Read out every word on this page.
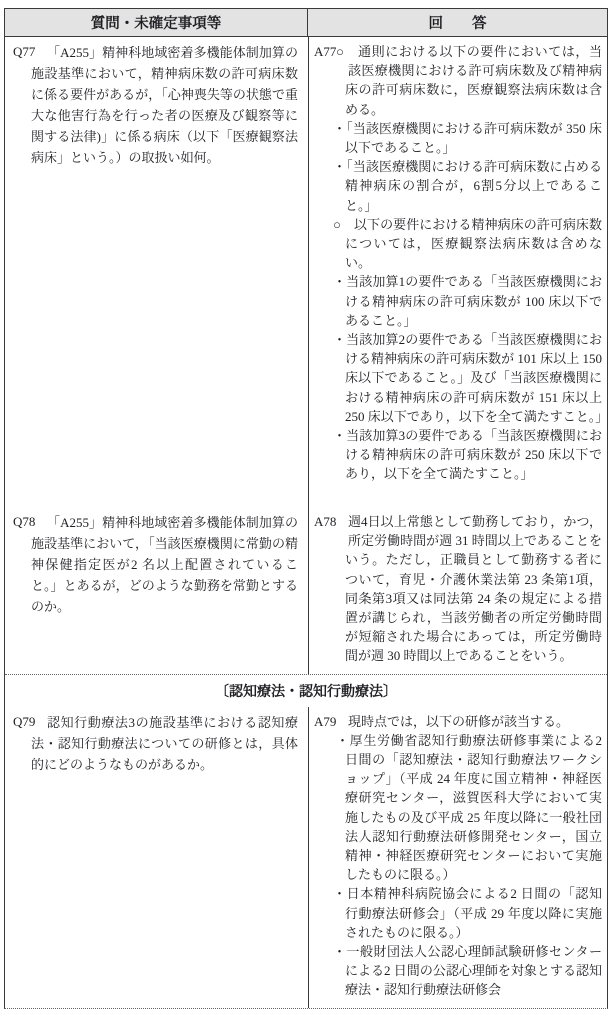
質問・未確定事項等	回　　答
Q77 「A255」精神科地域密着多機能体制加算の施設基準において，精神病床数の許可病床数に係る要件があるが，「心神喪失等の状態で重大な他害行為を行った者の医療及び観察等に関する法律)」に係る病床（以下「医療観察法病床」という。）の取扱い如何。

A77 ○　通則における以下の要件においては，当該医療機関における許可病床数及び精神病床の許可病床数に，医療観察法病床数は含める。

・「当該医療機関における許可病床数が 350 床以下であること。」

・「当該医療機関における許可病床数に占める精神病床の割合が，6割5分以上であること。」

○　以下の要件における精神病床の許可病床数については，医療観察法病床数は含めない。

・当該加算1の要件である「当該医療機関における精神病床の許可病床数が 100 床以下であること。」

・当該加算2の要件である「当該医療機関における精神病床の許可病床数が 101 床以上 150 床以下であること。」及び「当該医療機関における精神病床の許可病床数が 151 床以上 250 床以下であり，以下を全て満たすこと。」

・当該加算3の要件である「当該医療機関における精神病床の許可病床数が 250 床以下であり，以下を全て満たすこと。」

Q78 「A255」精神科地域密着多機能体制加算の施設基準において，「当該医療機関に常勤の精神保健指定医が2 名以上配置されていること。」とあるが，どのような勤務を常勤とするのか。

A78 週4日以上常態として勤務しており，かつ，所定労働時間が週 31 時間以上であることをいう。ただし，正職員として勤務する者について，育児・介護休業法第 23 条第1項，同条第3項又は同法第 24 条の規定による措置が講じられ，当該労働者の所定労働時間が短縮された場合にあっては，所定労働時間が週 30 時間以上であることをいう。

〔認知療法・認知行動療法〕
Q79 認知行動療法3の施設基準における認知療法・認知行動療法についての研修とは，具体的にどのようなものがあるか。

A79 現時点では，以下の研修が該当する。

・厚生労働省認知行動療法研修事業による2 日間の「認知療法・認知行動療法ワークショップ」（平成 24 年度に国立精神・神経医療研究センター，滋賀医科大学において実施したもの及び平成 25 年度以降に一般社団法人認知行動療法研修開発センター，国立精神・神経医療研究センターにおいて実施したものに限る。）

・日本精神科病院協会による2 日間の「認知行動療法研修会」（平成 29 年度以降に実施されたものに限る。）

・一般財団法人公認心理師試験研修センターによる2 日間の公認心理師を対象とする認知療法・認知行動療法研修会
